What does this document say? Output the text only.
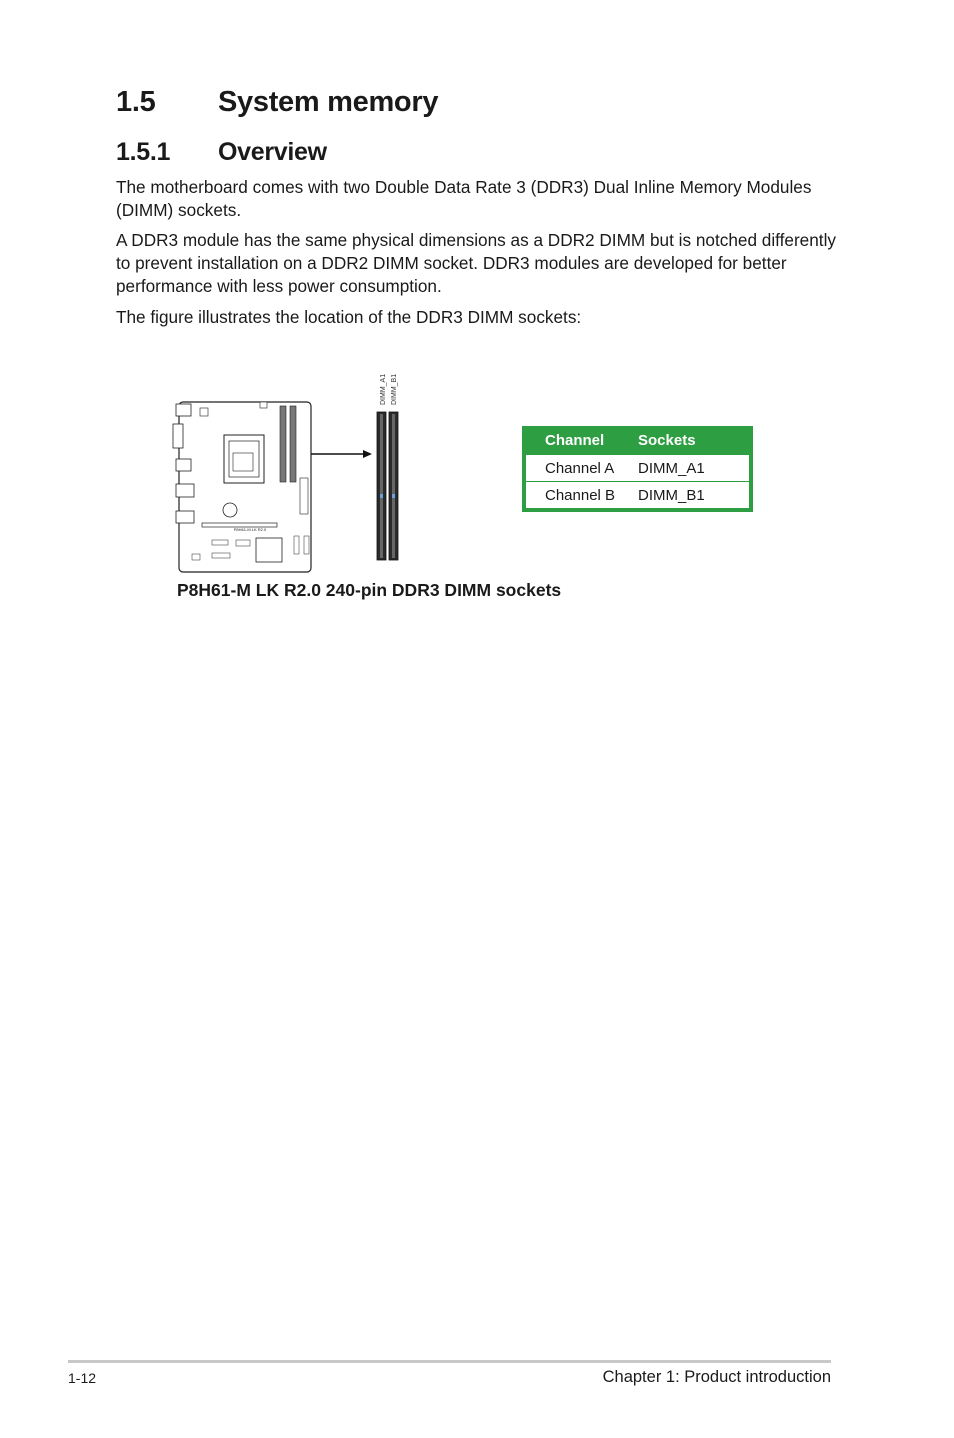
1.5 System memory
1.5.1 Overview

The motherboard comes with two Double Data Rate 3 (DDR3) Dual Inline Memory Modules (DIMM) sockets.

A DDR3 module has the same physical dimensions as a DDR2 DIMM but is notched differently to prevent installation on a DDR2 DIMM socket. DDR3 modules are developed for better performance with less power consumption.

The figure illustrates the location of the DDR3 DIMM sockets:

P8H61-M LK R2.0
DIMM_A1 DIMM_B1
Channel	Sockets
Channel A	DIMM_A1
Channel B	DIMM_B1

P8H61-M LK R2.0 240-pin DDR3 DIMM sockets

1-12	Chapter 1: Product introduction
